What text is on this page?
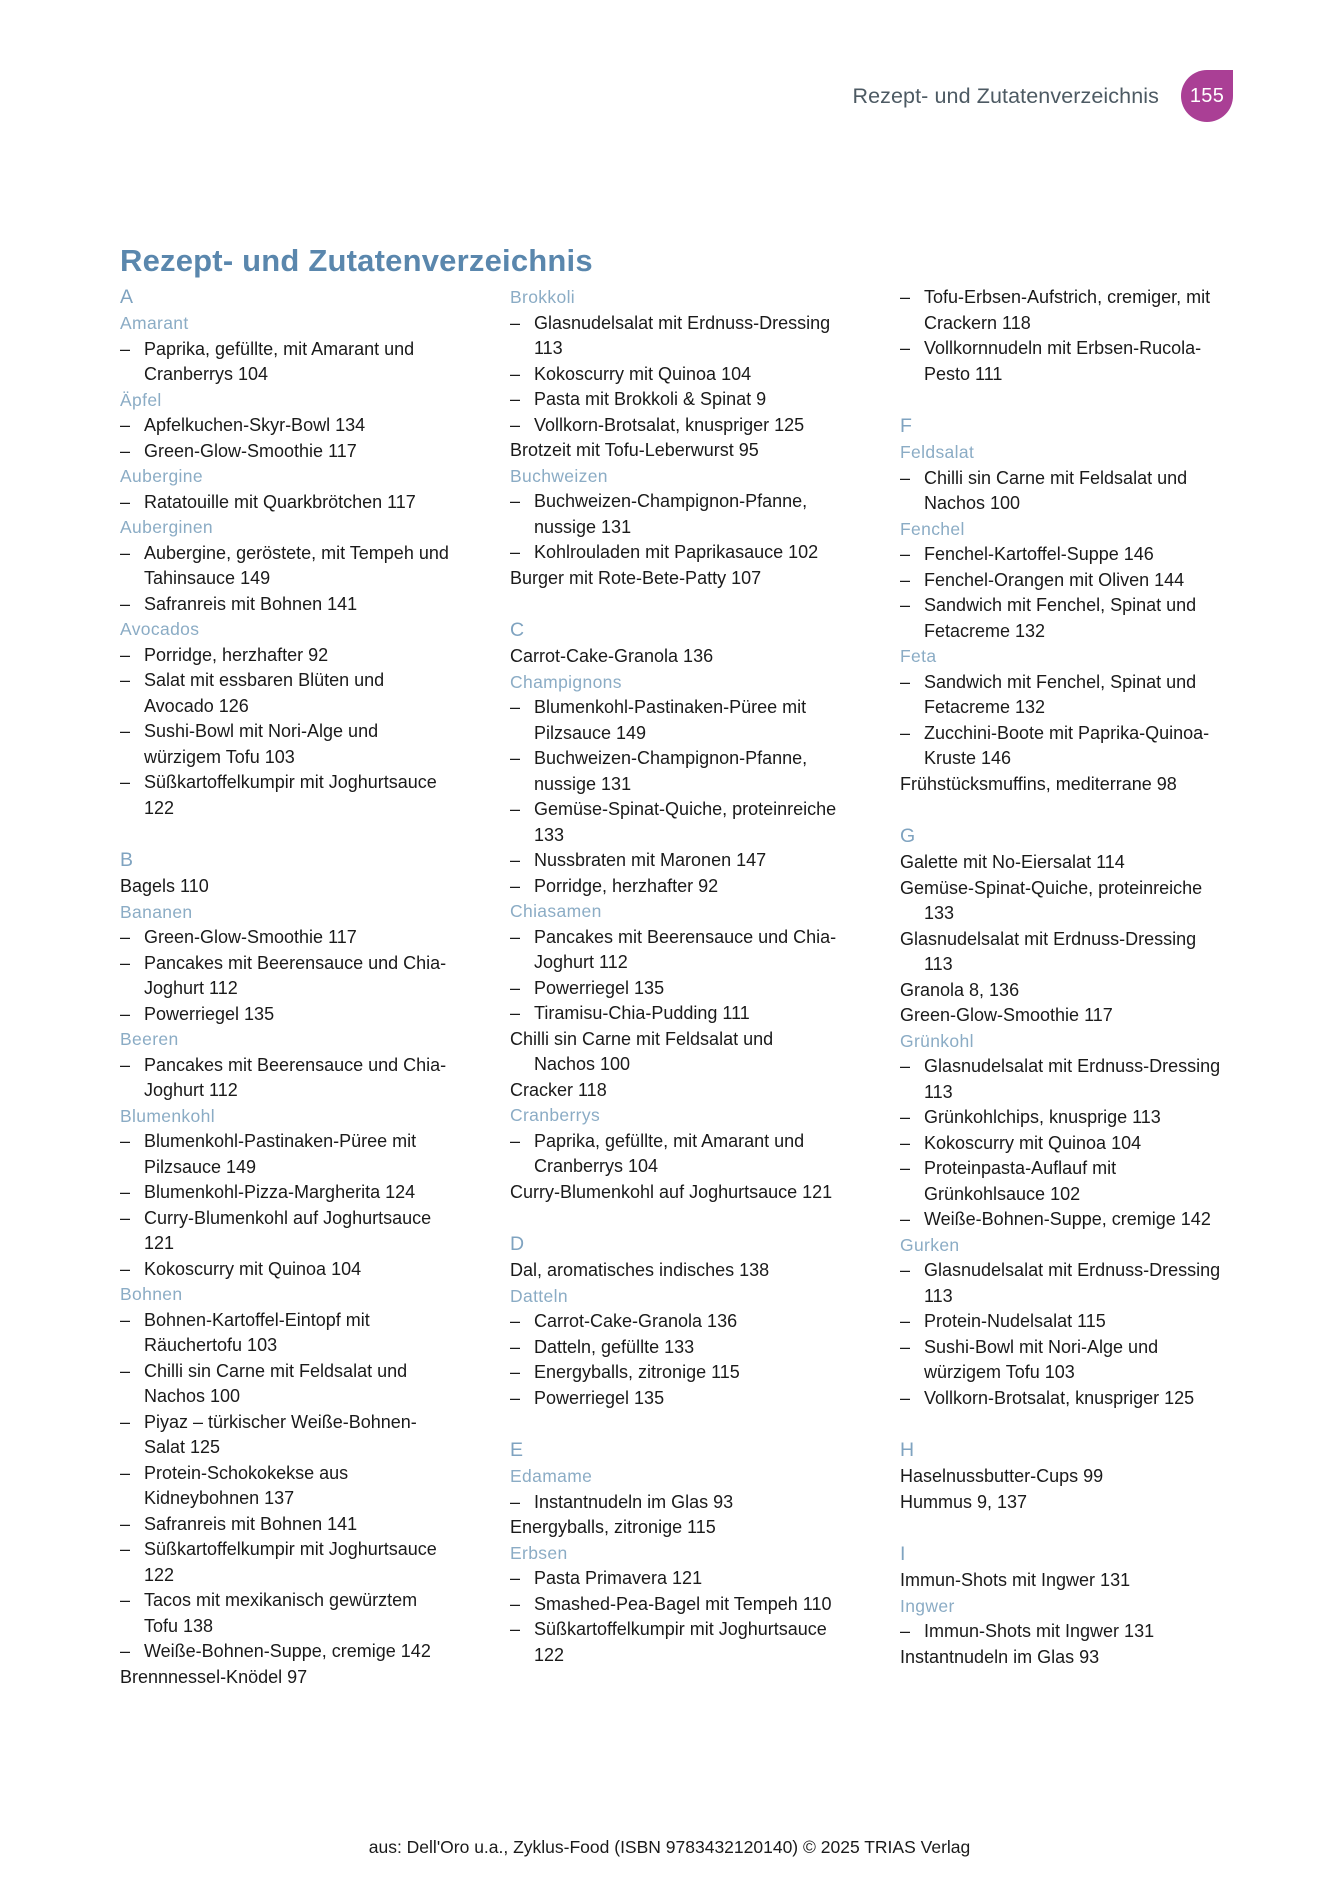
Rezept- und Zutatenverzeichnis	155
Rezept- und Zutatenverzeichnis
A
Amarant
– Paprika, gefüllte, mit Amarant und Cranberrys 104
Äpfel
– Apfelkuchen-Skyr-Bowl 134
– Green-Glow-Smoothie 117
Aubergine
– Ratatouille mit Quarkbrötchen 117
Auberginen
– Aubergine, geröstete, mit Tempeh und Tahinsauce 149
– Safranreis mit Bohnen 141
Avocados
– Porridge, herzhafter 92
– Salat mit essbaren Blüten und Avocado 126
– Sushi-Bowl mit Nori-Alge und würzigem Tofu 103
– Süßkartoffelkumpir mit Joghurtsauce 122
B
Bagels 110
Bananen
– Green-Glow-Smoothie 117
– Pancakes mit Beerensauce und Chia-Joghurt 112
– Powerriegel 135
Beeren
– Pancakes mit Beerensauce und Chia-Joghurt 112
Blumenkohl
– Blumenkohl-Pastinaken-Püree mit Pilzsauce 149
– Blumenkohl-Pizza-Margherita 124
– Curry-Blumenkohl auf Joghurtsauce 121
– Kokoscurry mit Quinoa 104
Bohnen
– Bohnen-Kartoffel-Eintopf mit Räuchertofu 103
– Chilli sin Carne mit Feldsalat und Nachos 100
– Piyaz – türkischer Weiße-Bohnen-Salat 125
– Protein-Schokokekse aus Kidneybohnen 137
– Safranreis mit Bohnen 141
– Süßkartoffelkumpir mit Joghurtsauce 122
– Tacos mit mexikanisch gewürztem Tofu 138
– Weiße-Bohnen-Suppe, cremige 142
Brennnessel-Knödel 97
Brokkoli
– Glasnudelsalat mit Erdnuss-Dressing 113
– Kokoscurry mit Quinoa 104
– Pasta mit Brokkoli & Spinat 9
– Vollkorn-Brotsalat, knuspriger 125
Brotzeit mit Tofu-Leberwurst 95
Buchweizen
– Buchweizen-Champignon-Pfanne, nussige 131
– Kohlrouladen mit Paprikasauce 102
Burger mit Rote-Bete-Patty 107
C
Carrot-Cake-Granola 136
Champignons
– Blumenkohl-Pastinaken-Püree mit Pilzsauce 149
– Buchweizen-Champignon-Pfanne, nussige 131
– Gemüse-Spinat-Quiche, proteinreiche 133
– Nussbraten mit Maronen 147
– Porridge, herzhafter 92
Chiasamen
– Pancakes mit Beerensauce und Chia-Joghurt 112
– Powerriegel 135
– Tiramisu-Chia-Pudding 111
Chilli sin Carne mit Feldsalat und Nachos 100
Cracker 118
Cranberrys
– Paprika, gefüllte, mit Amarant und Cranberrys 104
Curry-Blumenkohl auf Joghurtsauce 121
D
Dal, aromatisches indisches 138
Datteln
– Carrot-Cake-Granola 136
– Datteln, gefüllte 133
– Energyballs, zitronige 115
– Powerriegel 135
E
Edamame
– Instantnudeln im Glas 93
Energyballs, zitronige 115
Erbsen
– Pasta Primavera 121
– Smashed-Pea-Bagel mit Tempeh 110
– Süßkartoffelkumpir mit Joghurtsauce 122
– Tofu-Erbsen-Aufstrich, cremiger, mit Crackern 118
– Vollkornnudeln mit Erbsen-Rucola-Pesto 111
F
Feldsalat
– Chilli sin Carne mit Feldsalat und Nachos 100
Fenchel
– Fenchel-Kartoffel-Suppe 146
– Fenchel-Orangen mit Oliven 144
– Sandwich mit Fenchel, Spinat und Fetacreme 132
Feta
– Sandwich mit Fenchel, Spinat und Fetacreme 132
– Zucchini-Boote mit Paprika-Quinoa-Kruste 146
Frühstücksmuffins, mediterrane 98
G
Galette mit No-Eiersalat 114
Gemüse-Spinat-Quiche, proteinreiche 133
Glasnudelsalat mit Erdnuss-Dressing 113
Granola 8, 136
Green-Glow-Smoothie 117
Grünkohl
– Glasnudelsalat mit Erdnuss-Dressing 113
– Grünkohlchips, knusprige 113
– Kokoscurry mit Quinoa 104
– Proteinpasta-Auflauf mit Grünkohlsauce 102
– Weiße-Bohnen-Suppe, cremige 142
Gurken
– Glasnudelsalat mit Erdnuss-Dressing 113
– Protein-Nudelsalat 115
– Sushi-Bowl mit Nori-Alge und würzigem Tofu 103
– Vollkorn-Brotsalat, knuspriger 125
H
Haselnussbutter-Cups 99
Hummus 9, 137
I
Immun-Shots mit Ingwer 131
Ingwer
– Immun-Shots mit Ingwer 131
Instantnudeln im Glas 93
aus: Dell'Oro u.a., Zyklus-Food (ISBN 9783432120140) © 2025 TRIAS Verlag
